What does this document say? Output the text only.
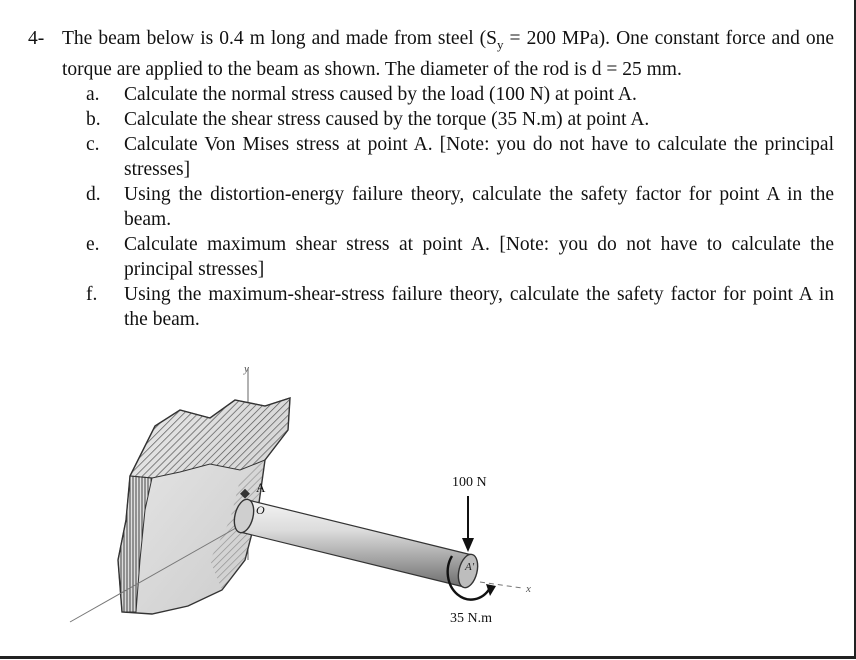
4- The beam below is 0.4 m long and made from steel ($S_y = 200$ MPa). One constant force and one torque are applied to the beam as shown. The diameter of the rod is d = 25 mm.
a.	Calculate the normal stress caused by the load (100 N) at point A.
b.	Calculate the shear stress caused by the torque (35 N.m) at point A.
c.	Calculate Von Mises stress at point A. [Note: you do not have to calculate the principal stresses]
d.	Using the distortion-energy failure theory, calculate the safety factor for point A in the beam.
e.	Calculate maximum shear stress at point A. [Note: you do not have to calculate the principal stresses]
f.	Using the maximum-shear-stress failure theory, calculate the safety factor for point A in the beam.
y
x
A
O
100 N
A'
35 N.m
